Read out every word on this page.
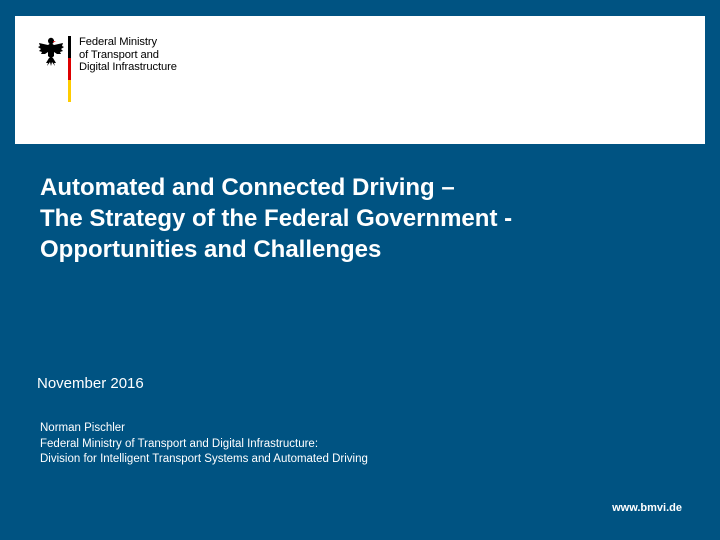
Federal Ministry
of Transport and
Digital Infrastructure
Automated and Connected Driving –
The Strategy of the Federal Government -
Opportunities and Challenges
November 2016
Norman Pischler
Federal Ministry of Transport and Digital Infrastructure:
Division for Intelligent Transport Systems and Automated Driving
www.bmvi.de
